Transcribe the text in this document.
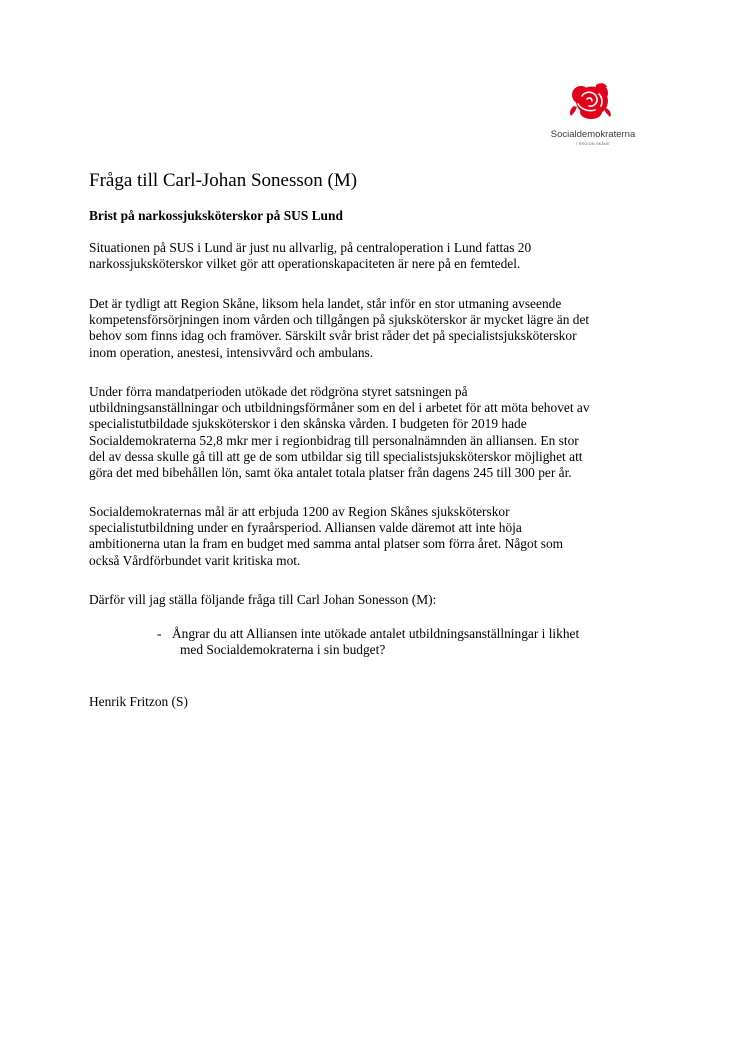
Socialdemokraterna
I REGION SKÅNE
Fråga till Carl-Johan Sonesson (M)
Brist på narkossjuksköterskor på SUS Lund

Situationen på SUS i Lund är just nu allvarlig, på centraloperation i Lund fattas 20
narkossjuksköterskor vilket gör att operationskapaciteten är nere på en femtedel.

Det är tydligt att Region Skåne, liksom hela landet, står inför en stor utmaning avseende
kompetensförsörjningen inom vården och tillgången på sjuksköterskor är mycket lägre än det
behov som finns idag och framöver. Särskilt svår brist råder det på specialistsjuksköterskor
inom operation, anestesi, intensivvård och ambulans.

Under förra mandatperioden utökade det rödgröna styret satsningen på
utbildningsanställningar och utbildningsförmåner som en del i arbetet för att möta behovet av
specialistutbildade sjuksköterskor i den skånska vården. I budgeten för 2019 hade
Socialdemokraterna 52,8 mkr mer i regionbidrag till personalnämnden än alliansen. En stor
del av dessa skulle gå till att ge de som utbildar sig till specialistsjuksköterskor möjlighet att
göra det med bibehållen lön, samt öka antalet totala platser från dagens 245 till 300 per år.

Socialdemokraternas mål är att erbjuda 1200 av Region Skånes sjuksköterskor
specialistutbildning under en fyraårsperiod. Alliansen valde däremot att inte höja
ambitionerna utan la fram en budget med samma antal platser som förra året. Något som
också Vårdförbundet varit kritiska mot.

Därför vill jag ställa följande fråga till Carl Johan Sonesson (M):

- Ångrar du att Alliansen inte utökade antalet utbildningsanställningar i likhet
med Socialdemokraterna i sin budget?

Henrik Fritzon (S)
